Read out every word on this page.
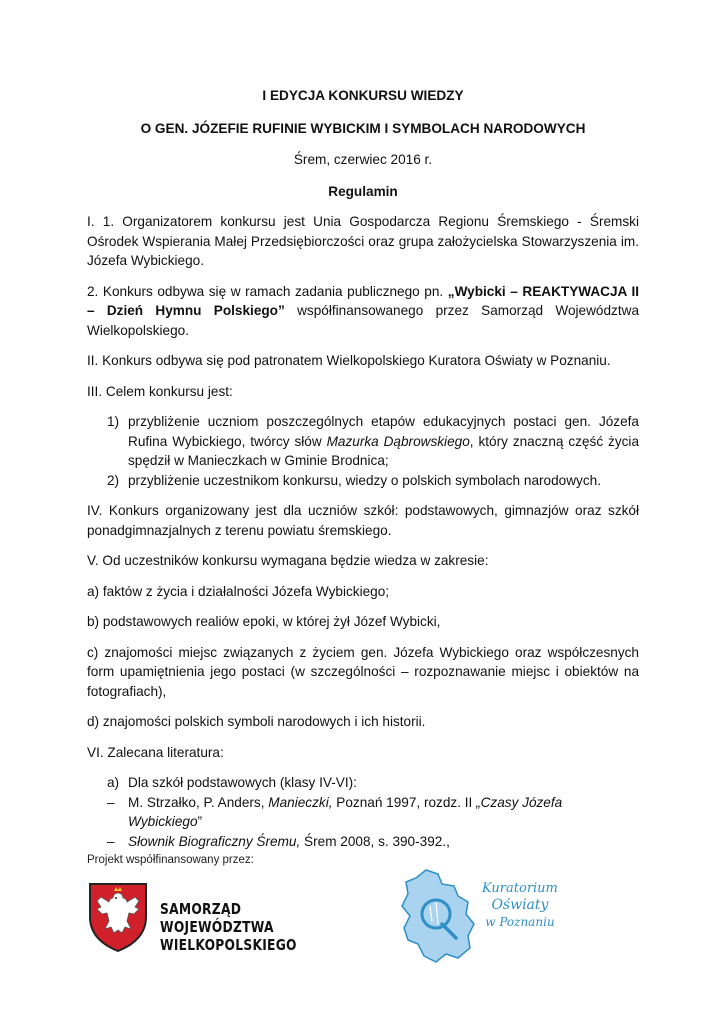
I EDYCJA KONKURSU WIEDZY
O GEN. JÓZEFIE RUFINIE WYBICKIM I SYMBOLACH NARODOWYCH
Śrem, czerwiec 2016 r.
Regulamin

I. 1. Organizatorem konkursu jest Unia Gospodarcza Regionu Śremskiego - Śremski Ośrodek Wspierania Małej Przedsiębiorczości oraz grupa założycielska Stowarzyszenia im. Józefa Wybickiego.

2. Konkurs odbywa się w ramach zadania publicznego pn. „Wybicki – REAKTYWACJA II – Dzień Hymnu Polskiego” współfinansowanego przez Samorząd Województwa Wielkopolskiego.

II. Konkurs odbywa się pod patronatem Wielkopolskiego Kuratora Oświaty w Poznaniu.

III. Celem konkursu jest:

1) przybliżenie uczniom poszczególnych etapów edukacyjnych postaci gen. Józefa Rufina Wybickiego, twórcy słów Mazurka Dąbrowskiego, który znaczną część życia spędził w Manieczkach w Gminie Brodnica;
2) przybliżenie uczestnikom konkursu, wiedzy o polskich symbolach narodowych.

IV. Konkurs organizowany jest dla uczniów szkół: podstawowych, gimnazjów oraz szkół ponadgimnazjalnych z terenu powiatu śremskiego.

V. Od uczestników konkursu wymagana będzie wiedza w zakresie:

a) faktów z życia i działalności Józefa Wybickiego;

b) podstawowych realiów epoki, w której żył Józef Wybicki,

c) znajomości miejsc związanych z życiem gen. Józefa Wybickiego oraz współczesnych form upamiętnienia jego postaci (w szczególności – rozpoznawanie miejsc i obiektów na fotografiach),

d) znajomości polskich symboli narodowych i ich historii.

VI. Zalecana literatura:

a) Dla szkół podstawowych (klasy IV-VI):
– M. Strzałko, P. Anders, Manieczki, Poznań 1997, rozdz. II „Czasy Józefa Wybickiego”
– Słownik Biograficzny Śremu, Śrem 2008, s. 390-392.,
Projekt współfinansowany przez:
SAMORZĄD WOJEWÓDZTWA
WIELKOPOLSKIEGO
Kuratorium
Oświaty
w Poznaniu
